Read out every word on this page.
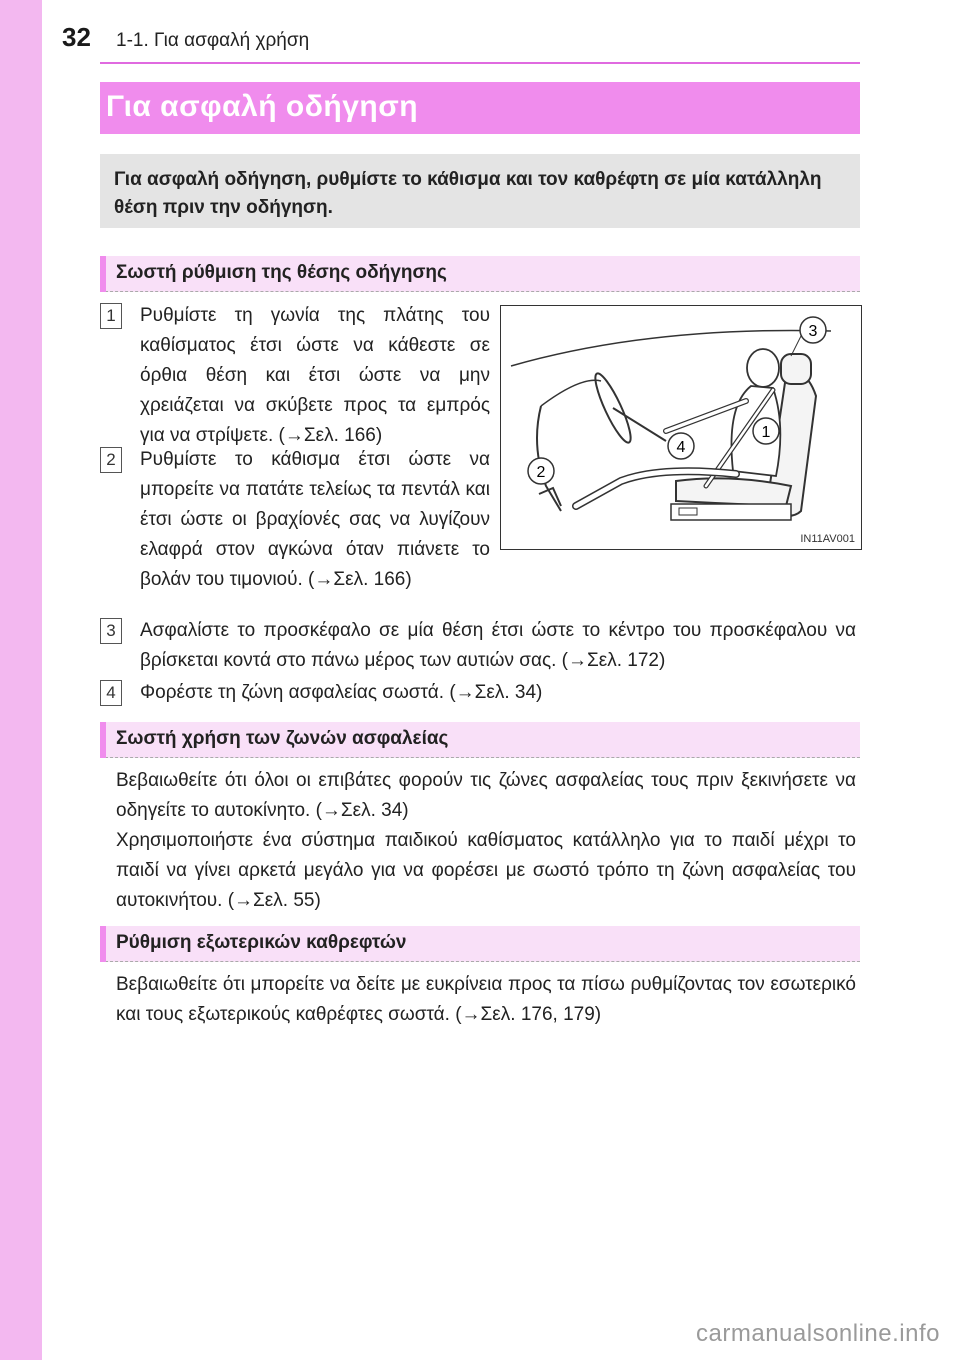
32 1-1. Για ασφαλή χρήση
Για ασφαλή οδήγηση
Για ασφαλή οδήγηση, ρυθμίστε το κάθισμα και τον καθρέφτη σε μία κατάλληλη θέση πριν την οδήγηση.
Σωστή ρύθμιση της θέσης οδήγησης
1	Ρυθμίστε τη γωνία της πλάτης του καθίσματος έτσι ώστε να κάθεστε σε όρθια θέση και έτσι ώστε να μην χρειάζεται να σκύβετε προς τα εμπρός για να στρίψετε. (→Σελ. 166)
2	Ρυθμίστε το κάθισμα έτσι ώστε να μπορείτε να πατάτε τελείως τα πεντάλ και έτσι ώστε οι βραχίονές σας να λυγίζουν ελαφρά στον αγκώνα όταν πιάνετε το βολάν του τιμονιού. (→Σελ. 166)
3
1
4
2
IN11AV001
3	Ασφαλίστε το προσκέφαλο σε μία θέση έτσι ώστε το κέντρο του προσκέφαλου να βρίσκεται κοντά στο πάνω μέρος των αυτιών σας. (→Σελ. 172)
4	Φορέστε τη ζώνη ασφαλείας σωστά. (→Σελ. 34)
Σωστή χρήση των ζωνών ασφαλείας
Βεβαιωθείτε ότι όλοι οι επιβάτες φορούν τις ζώνες ασφαλείας τους πριν ξεκινήσετε να οδηγείτε το αυτοκίνητο. (→Σελ. 34)
Χρησιμοποιήστε ένα σύστημα παιδικού καθίσματος κατάλληλο για το παιδί μέχρι το παιδί να γίνει αρκετά μεγάλο για να φορέσει με σωστό τρόπο τη ζώνη ασφαλείας του αυτοκινήτου. (→Σελ. 55)
Ρύθμιση εξωτερικών καθρεφτών
Βεβαιωθείτε ότι μπορείτε να δείτε με ευκρίνεια προς τα πίσω ρυθμίζοντας τον εσωτερικό και τους εξωτερικούς καθρέφτες σωστά. (→Σελ. 176, 179)
carmanualsonline.info
